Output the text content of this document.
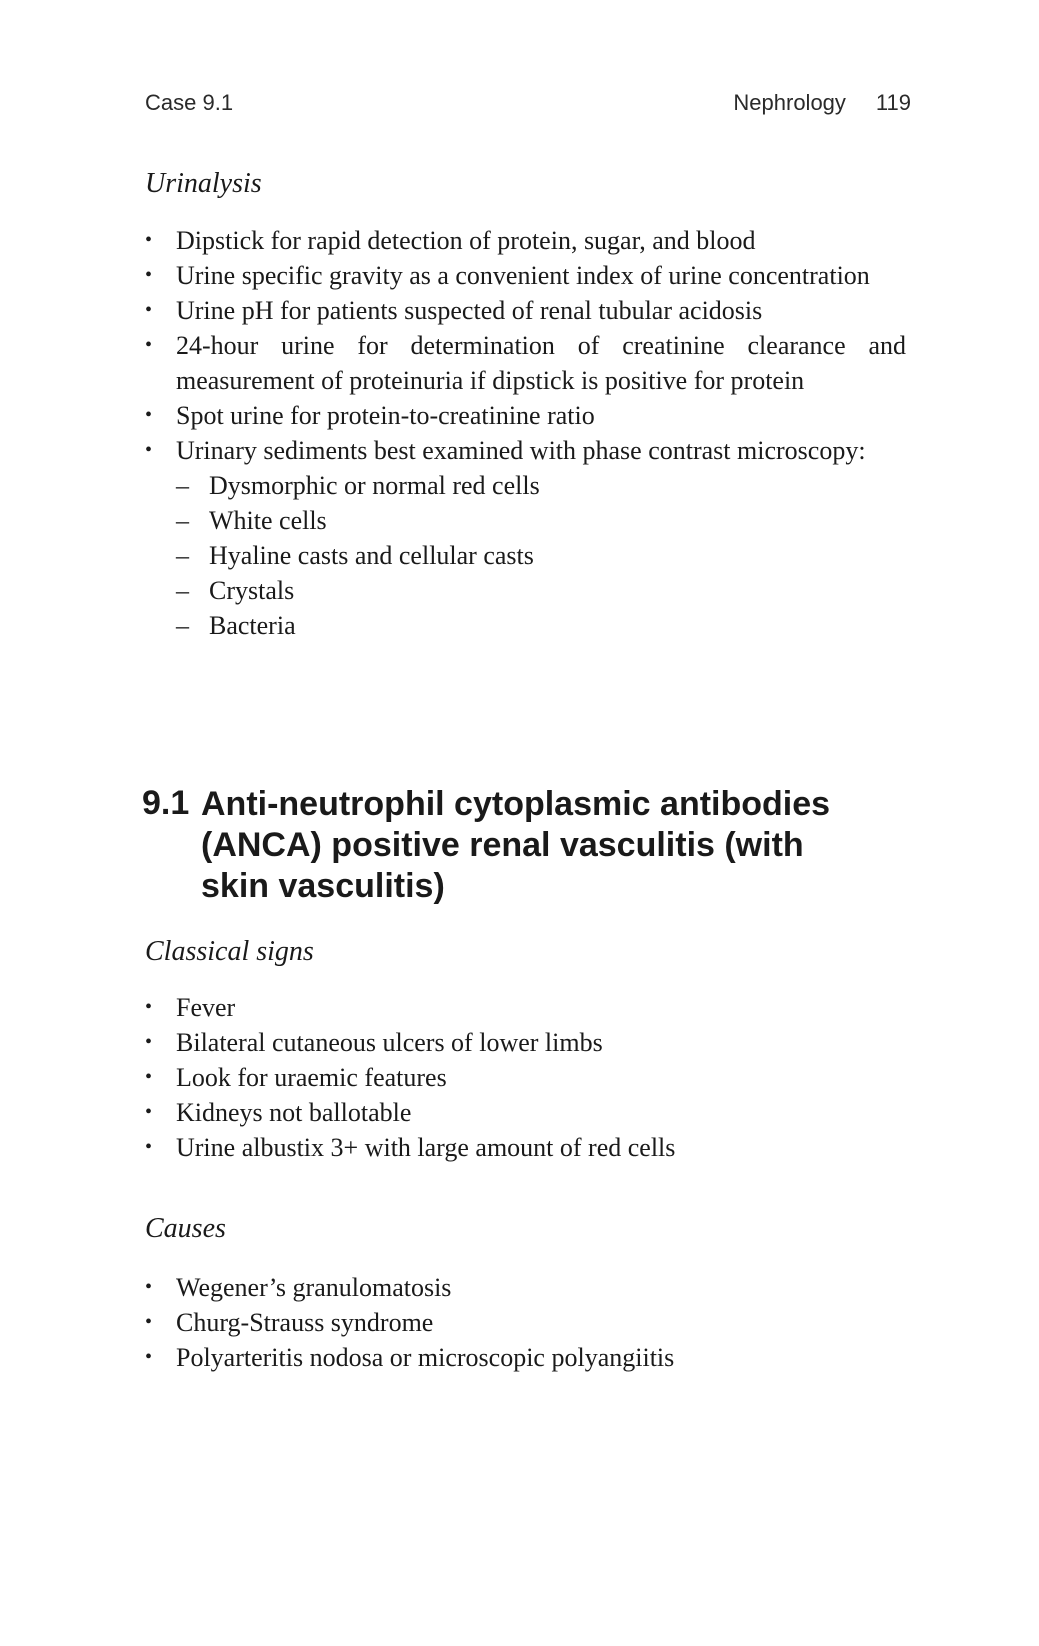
Case 9.1	Nephrology 119
Urinalysis
• Dipstick for rapid detection of protein, sugar, and blood
• Urine specific gravity as a convenient index of urine concentration
• Urine pH for patients suspected of renal tubular acidosis
• 24-hour urine for determination of creatinine clearance and measurement of proteinuria if dipstick is positive for protein
• Spot urine for protein-to-creatinine ratio
• Urinary sediments best examined with phase contrast microscopy:
– Dysmorphic or normal red cells
– White cells
– Hyaline casts and cellular casts
– Crystals
– Bacteria
9.1 Anti-neutrophil cytoplasmic antibodies (ANCA) positive renal vasculitis (with skin vasculitis)
Classical signs
• Fever
• Bilateral cutaneous ulcers of lower limbs
• Look for uraemic features
• Kidneys not ballotable
• Urine albustix 3+ with large amount of red cells
Causes
• Wegener’s granulomatosis
• Churg-Strauss syndrome
• Polyarteritis nodosa or microscopic polyangiitis
